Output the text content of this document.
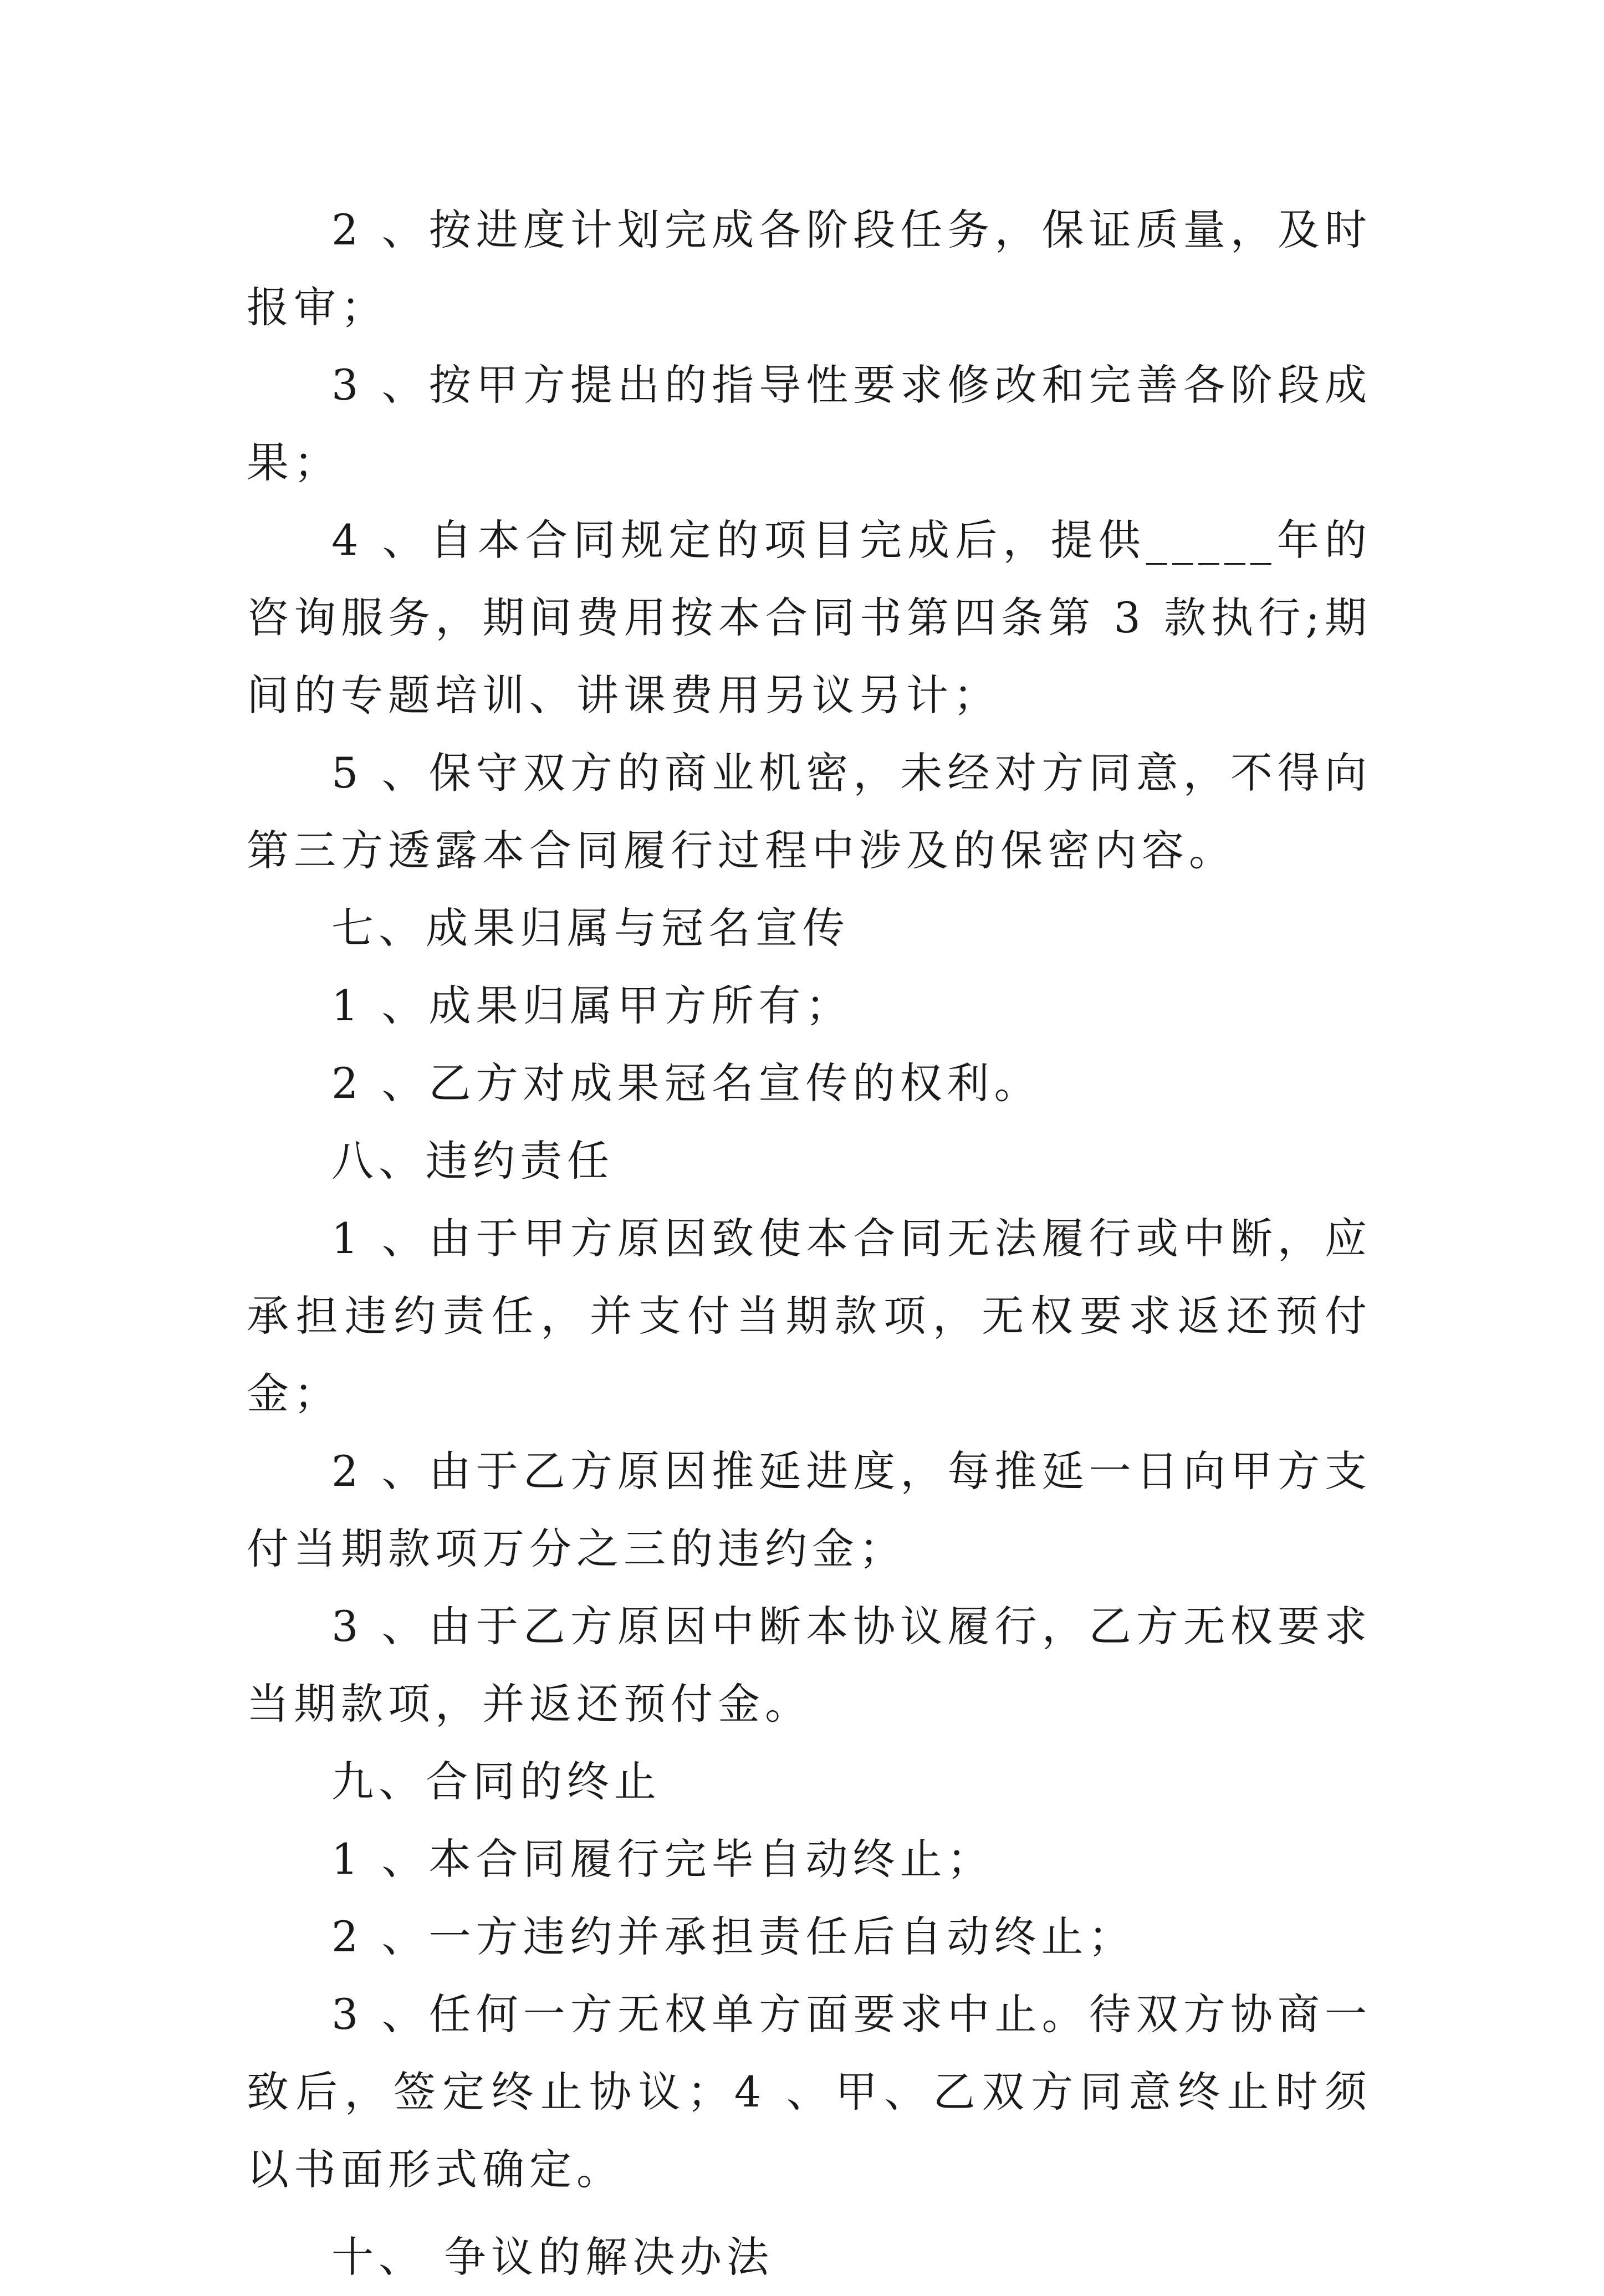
2 、按进度计划完成各阶段任务，保证质量，及时报审；

3 、按甲方提出的指导性要求修改和完善各阶段成果；

4 、自本合同规定的项目完成后，提供_____年的咨询服务，期间费用按本合同书第四条第 3 款执行;期间的专题培训、讲课费用另议另计；

5 、保守双方的商业机密，未经对方同意，不得向第三方透露本合同履行过程中涉及的保密内容。

七、成果归属与冠名宣传

1 、成果归属甲方所有；

2 、乙方对成果冠名宣传的权利。

八、违约责任

1 、由于甲方原因致使本合同无法履行或中断，应承担违约责任，并支付当期款项，无权要求返还预付金；

2 、由于乙方原因推延进度，每推延一日向甲方支付当期款项万分之三的违约金；

3 、由于乙方原因中断本协议履行，乙方无权要求当期款项，并返还预付金。

九、合同的终止

1 、本合同履行完毕自动终止；

2 、一方违约并承担责任后自动终止；

3 、任何一方无权单方面要求中止。待双方协商一致后，签定终止协议；4 、甲、乙双方同意终止时须以书面形式确定。

十、 争议的解决办法
